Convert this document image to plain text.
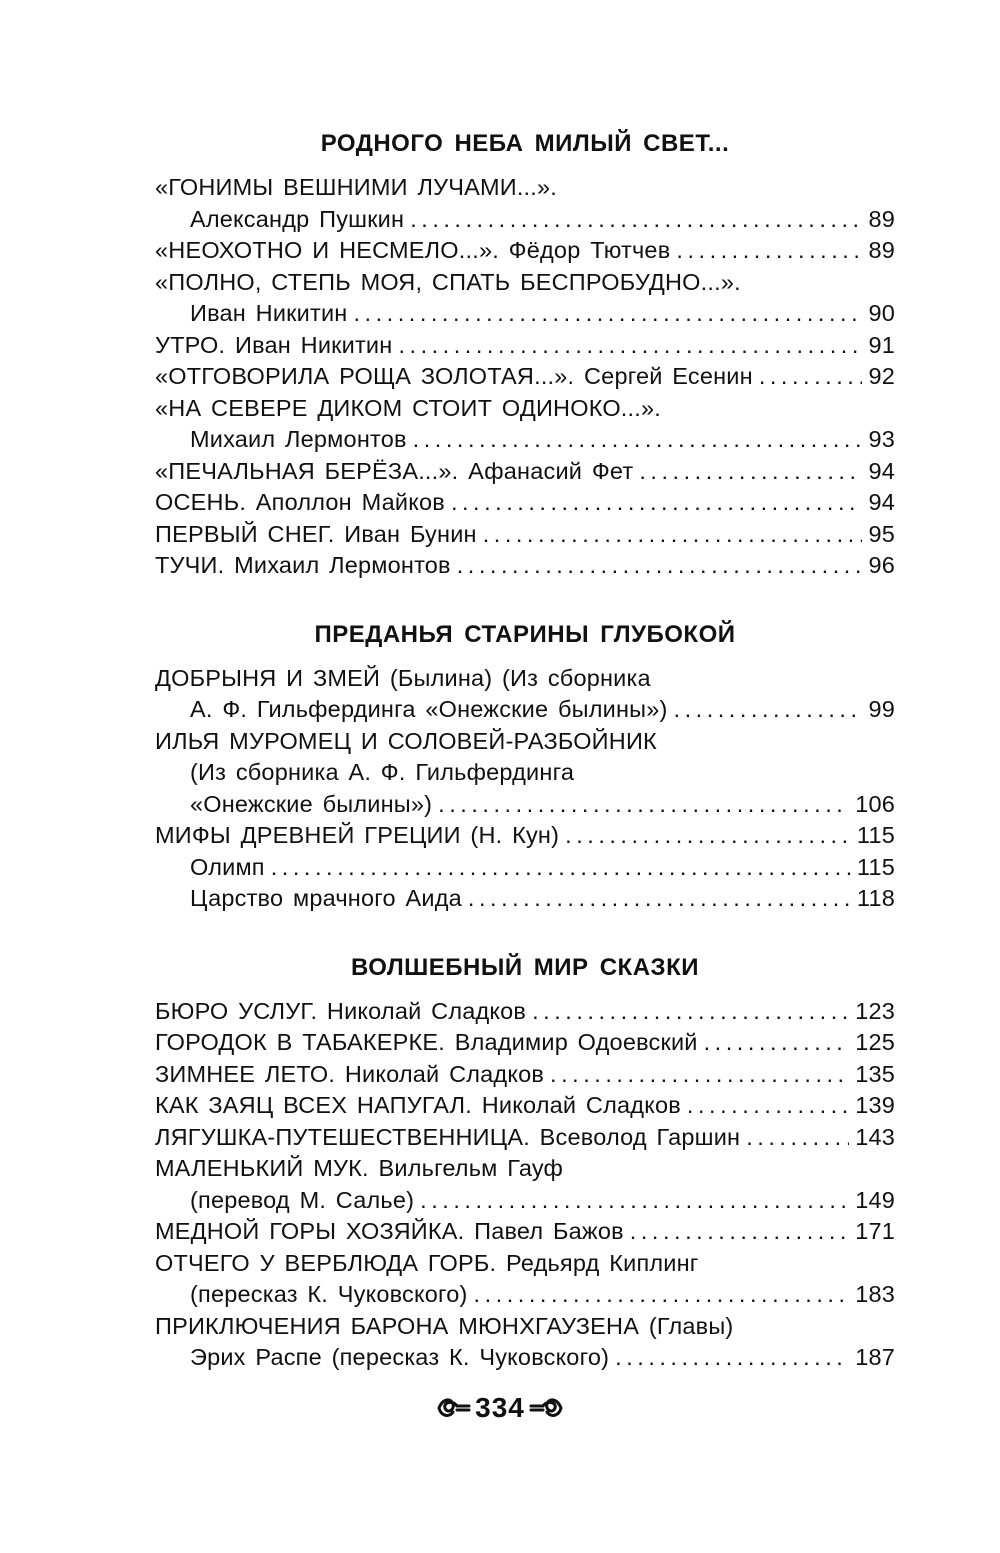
РОДНОГО НЕБА МИЛЫЙ СВЕТ...
«ГОНИМЫ ВЕШНИМИ ЛУЧАМИ...».
Александр Пушкин . . .	89
«НЕОХОТНО И НЕСМЕЛО...». Фёдор Тютчев . . .	89
«ПОЛНО, СТЕПЬ МОЯ, СПАТЬ БЕСПРОБУДНО...».
Иван Никитин . . .	90
УТРО. Иван Никитин . . .	91
«ОТГОВОРИЛА РОЩА ЗОЛОТАЯ...». Сергей Есенин . . .	92
«НА СЕВЕРЕ ДИКОМ СТОИТ ОДИНОКО...».
Михаил Лермонтов . . .	93
«ПЕЧАЛЬНАЯ БЕРЁЗА...». Афанасий Фет . . .	94
ОСЕНЬ. Аполлон Майков . . .	94
ПЕРВЫЙ СНЕГ. Иван Бунин . . .	95
ТУЧИ. Михаил Лермонтов . . .	96
ПРЕДАНЬЯ СТАРИНЫ ГЛУБОКОЙ
ДОБРЫНЯ И ЗМЕЙ (Былина) (Из сборника
А. Ф. Гильфердинга «Онежские былины») . . .	99
ИЛЬЯ МУРОМЕЦ И СОЛОВЕЙ-РАЗБОЙНИК
(Из сборника А. Ф. Гильфердинга
«Онежские былины») . . .	106
МИФЫ ДРЕВНЕЙ ГРЕЦИИ (Н. Кун) . . .	115
Олимп . . .	115
Царство мрачного Аида . . .	118
ВОЛШЕБНЫЙ МИР СКАЗКИ
БЮРО УСЛУГ. Николай Сладков . . .	123
ГОРОДОК В ТАБАКЕРКЕ. Владимир Одоевский . . .	125
ЗИМНЕЕ ЛЕТО. Николай Сладков . . .	135
КАК ЗАЯЦ ВСЕХ НАПУГАЛ. Николай Сладков . . .	139
ЛЯГУШКА-ПУТЕШЕСТВЕННИЦА. Всеволод Гаршин . . .	143
МАЛЕНЬКИЙ МУК. Вильгельм Гауф
(перевод М. Салье) . . .	149
МЕДНОЙ ГОРЫ ХОЗЯЙКА. Павел Бажов . . .	171
ОТЧЕГО У ВЕРБЛЮДА ГОРБ. Редьярд Киплинг
(пересказ К. Чуковского) . . .	183
ПРИКЛЮЧЕНИЯ БАРОНА МЮНХГАУЗЕНА (Главы)
Эрих Распе (пересказ К. Чуковского) . . .	187
334
